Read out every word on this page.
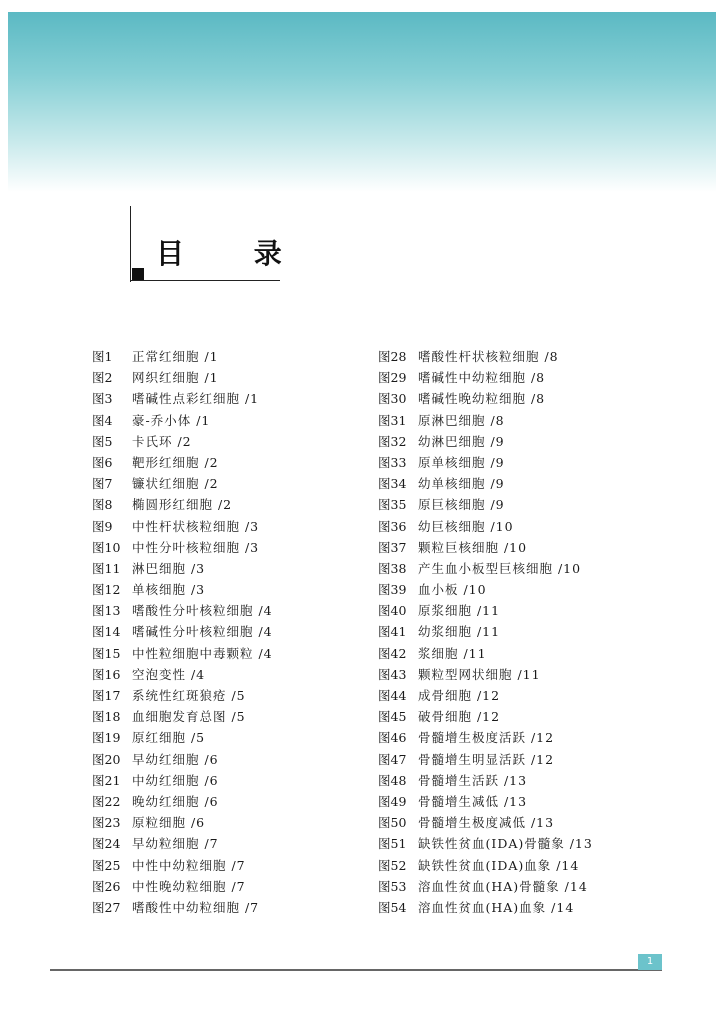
目 录
图1 正常红细胞 /1
图2 网织红细胞 /1
图3 嗜碱性点彩红细胞 /1
图4 豪-乔小体 /1
图5 卡氏环 /2
图6 靶形红细胞 /2
图7 镰状红细胞 /2
图8 椭圆形红细胞 /2
图9 中性杆状核粒细胞 /3
图10 中性分叶核粒细胞 /3
图11 淋巴细胞 /3
图12 单核细胞 /3
图13 嗜酸性分叶核粒细胞 /4
图14 嗜碱性分叶核粒细胞 /4
图15 中性粒细胞中毒颗粒 /4
图16 空泡变性 /4
图17 系统性红斑狼疮 /5
图18 血细胞发育总图 /5
图19 原红细胞 /5
图20 早幼红细胞 /6
图21 中幼红细胞 /6
图22 晚幼红细胞 /6
图23 原粒细胞 /6
图24 早幼粒细胞 /7
图25 中性中幼粒细胞 /7
图26 中性晚幼粒细胞 /7
图27 嗜酸性中幼粒细胞 /7
图28 嗜酸性杆状核粒细胞 /8
图29 嗜碱性中幼粒细胞 /8
图30 嗜碱性晚幼粒细胞 /8
图31 原淋巴细胞 /8
图32 幼淋巴细胞 /9
图33 原单核细胞 /9
图34 幼单核细胞 /9
图35 原巨核细胞 /9
图36 幼巨核细胞 /10
图37 颗粒巨核细胞 /10
图38 产生血小板型巨核细胞 /10
图39 血小板 /10
图40 原浆细胞 /11
图41 幼浆细胞 /11
图42 浆细胞 /11
图43 颗粒型网状细胞 /11
图44 成骨细胞 /12
图45 破骨细胞 /12
图46 骨髓增生极度活跃 /12
图47 骨髓增生明显活跃 /12
图48 骨髓增生活跃 /13
图49 骨髓增生减低 /13
图50 骨髓增生极度减低 /13
图51 缺铁性贫血(IDA)骨髓象 /13
图52 缺铁性贫血(IDA)血象 /14
图53 溶血性贫血(HA)骨髓象 /14
图54 溶血性贫血(HA)血象 /14
1
